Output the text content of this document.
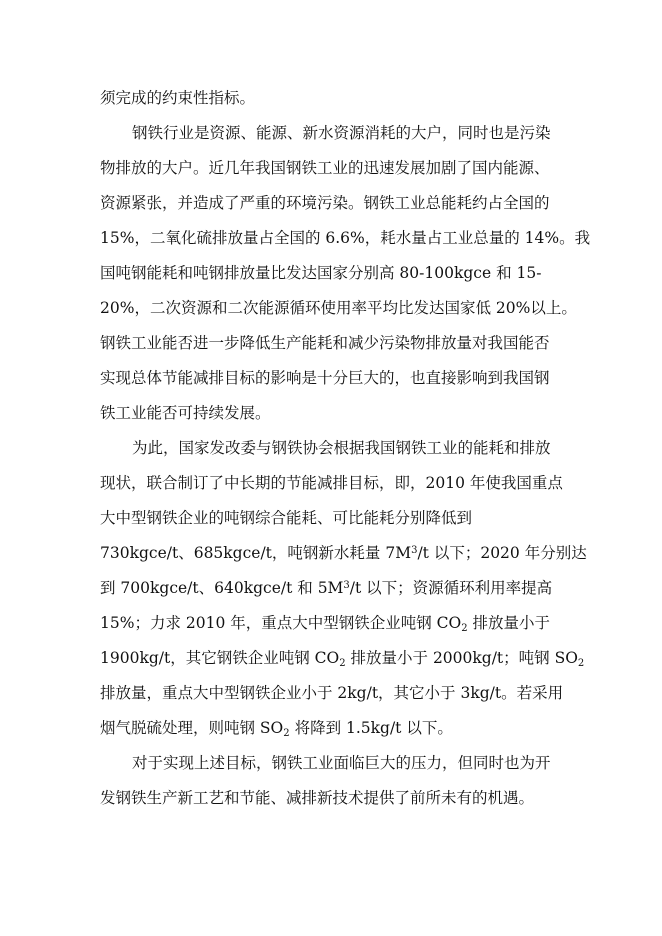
须完成的约束性指标。
钢铁行业是资源、能源、新水资源消耗的大户，同时也是污染
物排放的大户。近几年我国钢铁工业的迅速发展加剧了国内能源、
资源紧张，并造成了严重的环境污染。钢铁工业总能耗约占全国的
15%，二氧化硫排放量占全国的 6.6%，耗水量占工业总量的 14%。我
国吨钢能耗和吨钢排放量比发达国家分别高 80-100kgce 和 15-
20%，二次资源和二次能源循环使用率平均比发达国家低 20%以上。
钢铁工业能否进一步降低生产能耗和减少污染物排放量对我国能否
实现总体节能减排目标的影响是十分巨大的，也直接影响到我国钢
铁工业能否可持续发展。
为此，国家发改委与钢铁协会根据我国钢铁工业的能耗和排放
现状，联合制订了中长期的节能减排目标，即，2010 年使我国重点
大中型钢铁企业的吨钢综合能耗、可比能耗分别降低到
730kgce/t、685kgce/t，吨钢新水耗量 $7M^3/t$ 以下；2020 年分别达
到 700kgce/t、640kgce/t 和 $5M^3/t$ 以下；资源循环利用率提高
15%；力求 2010 年，重点大中型钢铁企业吨钢 $CO_2$ 排放量小于
1900kg/t，其它钢铁企业吨钢 $CO_2$ 排放量小于 2000kg/t；吨钢 $SO_2$
排放量，重点大中型钢铁企业小于 2kg/t，其它小于 3kg/t。若采用
烟气脱硫处理，则吨钢 $SO_2$ 将降到 1.5kg/t 以下。
对于实现上述目标，钢铁工业面临巨大的压力，但同时也为开
发钢铁生产新工艺和节能、减排新技术提供了前所未有的机遇。
